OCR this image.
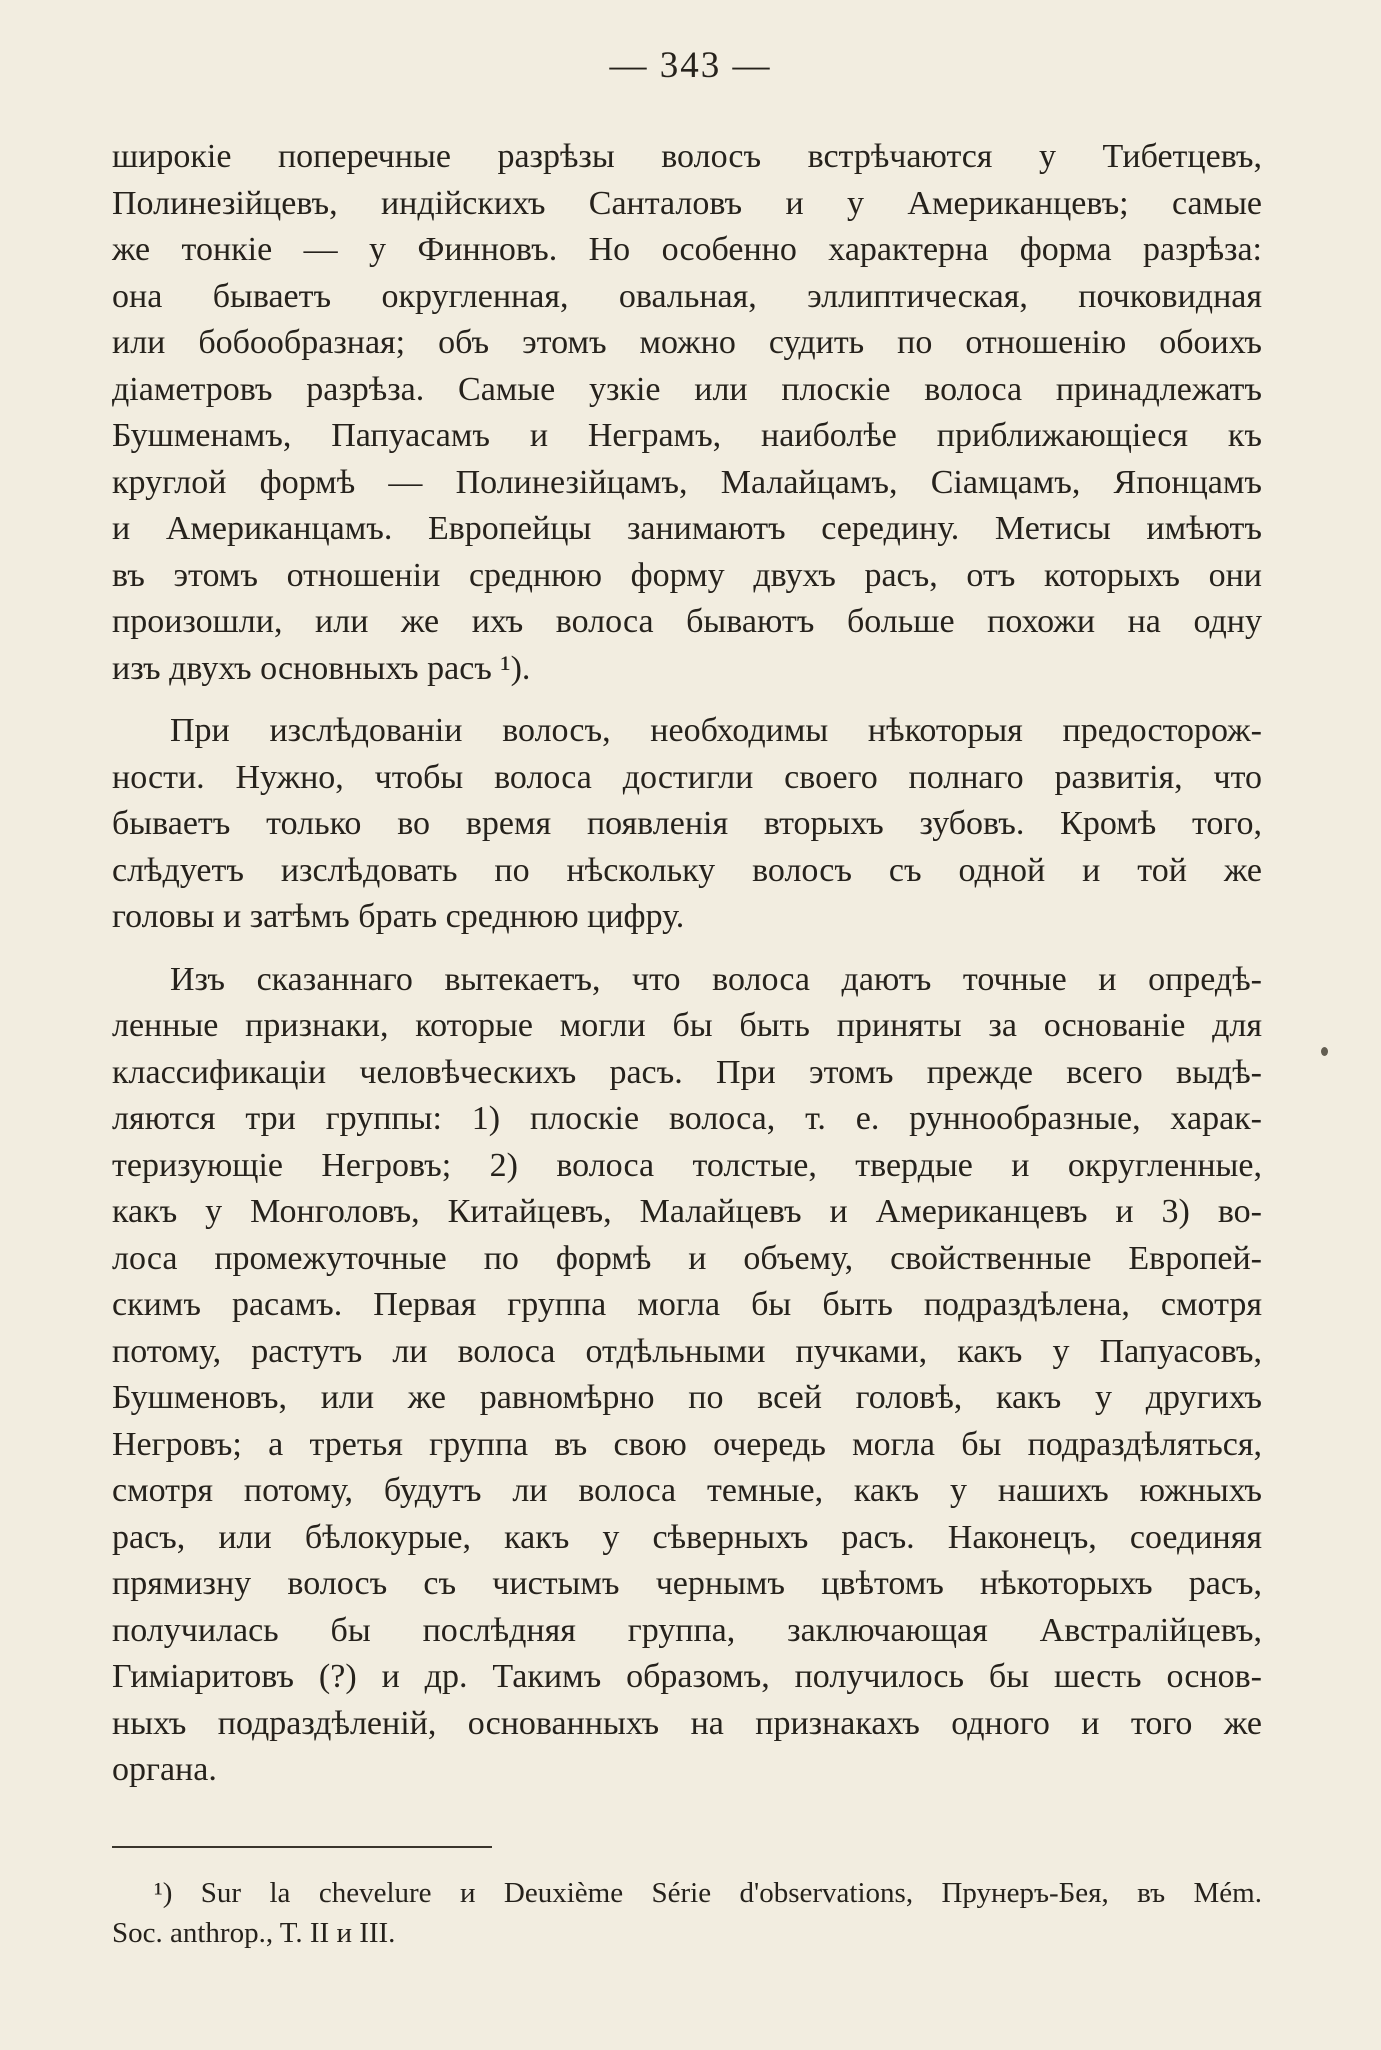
— 343 —
широкіе поперечные разрѣзы волосъ встрѣчаются у Тибетцевъ,
Полинезійцевъ, индійскихъ Санталовъ и у Американцевъ; самые
же тонкіе — у Финновъ. Но особенно характерна форма разрѣза:
она бываетъ округленная, овальная, эллиптическая, почковидная
или бобообразная; объ этомъ можно судить по отношенію обоихъ
діаметровъ разрѣза. Самые узкіе или плоскіе волоса принадлежатъ
Бушменамъ, Папуасамъ и Неграмъ, наиболѣе приближающіеся къ
круглой формѣ — Полинезійцамъ, Малайцамъ, Сіамцамъ, Японцамъ
и Американцамъ. Европейцы занимаютъ середину. Метисы имѣютъ
въ этомъ отношеніи среднюю форму двухъ расъ, отъ которыхъ они
произошли, или же ихъ волоса бываютъ больше похожи на одну
изъ двухъ основныхъ расъ ¹).
При изслѣдованіи волосъ, необходимы нѣкоторыя предосторож-
ности. Нужно, чтобы волоса достигли своего полнаго развитія, что
бываетъ только во время появленія вторыхъ зубовъ. Кромѣ того,
слѣдуетъ изслѣдовать по нѣскольку волосъ съ одной и той же
головы и затѣмъ брать среднюю цифру.
Изъ сказаннаго вытекаетъ, что волоса даютъ точные и опредѣ-
ленные признаки, которые могли бы быть приняты за основаніе для
классификаціи человѣческихъ расъ. При этомъ прежде всего выдѣ-
ляются три группы: 1) плоскіе волоса, т. е. руннообразные, харак-
теризующіе Негровъ; 2) волоса толстые, твердые и округленные,
какъ у Монголовъ, Китайцевъ, Малайцевъ и Американцевъ и 3) во-
лоса промежуточные по формѣ и объему, свойственные Европей-
скимъ расамъ. Первая группа могла бы быть подраздѣлена, смотря
потому, растутъ ли волоса отдѣльными пучками, какъ у Папуасовъ,
Бушменовъ, или же равномѣрно по всей головѣ, какъ у другихъ
Негровъ; а третья группа въ свою очередь могла бы подраздѣляться,
смотря потому, будутъ ли волоса темные, какъ у нашихъ южныхъ
расъ, или бѣлокурые, какъ у сѣверныхъ расъ. Наконецъ, соединяя
прямизну волосъ съ чистымъ чернымъ цвѣтомъ нѣкоторыхъ расъ,
получилась бы послѣдняя группа, заключающая Австралійцевъ,
Гиміаритовъ (?) и др. Такимъ образомъ, получилось бы шесть основ-
ныхъ подраздѣленій, основанныхъ на признакахъ одного и того же
органа.
¹) Sur la chevelure и Deuxième Série d'observations, Прунеръ-Бея, въ Mém.
Soc. anthrop., T. II и III.
